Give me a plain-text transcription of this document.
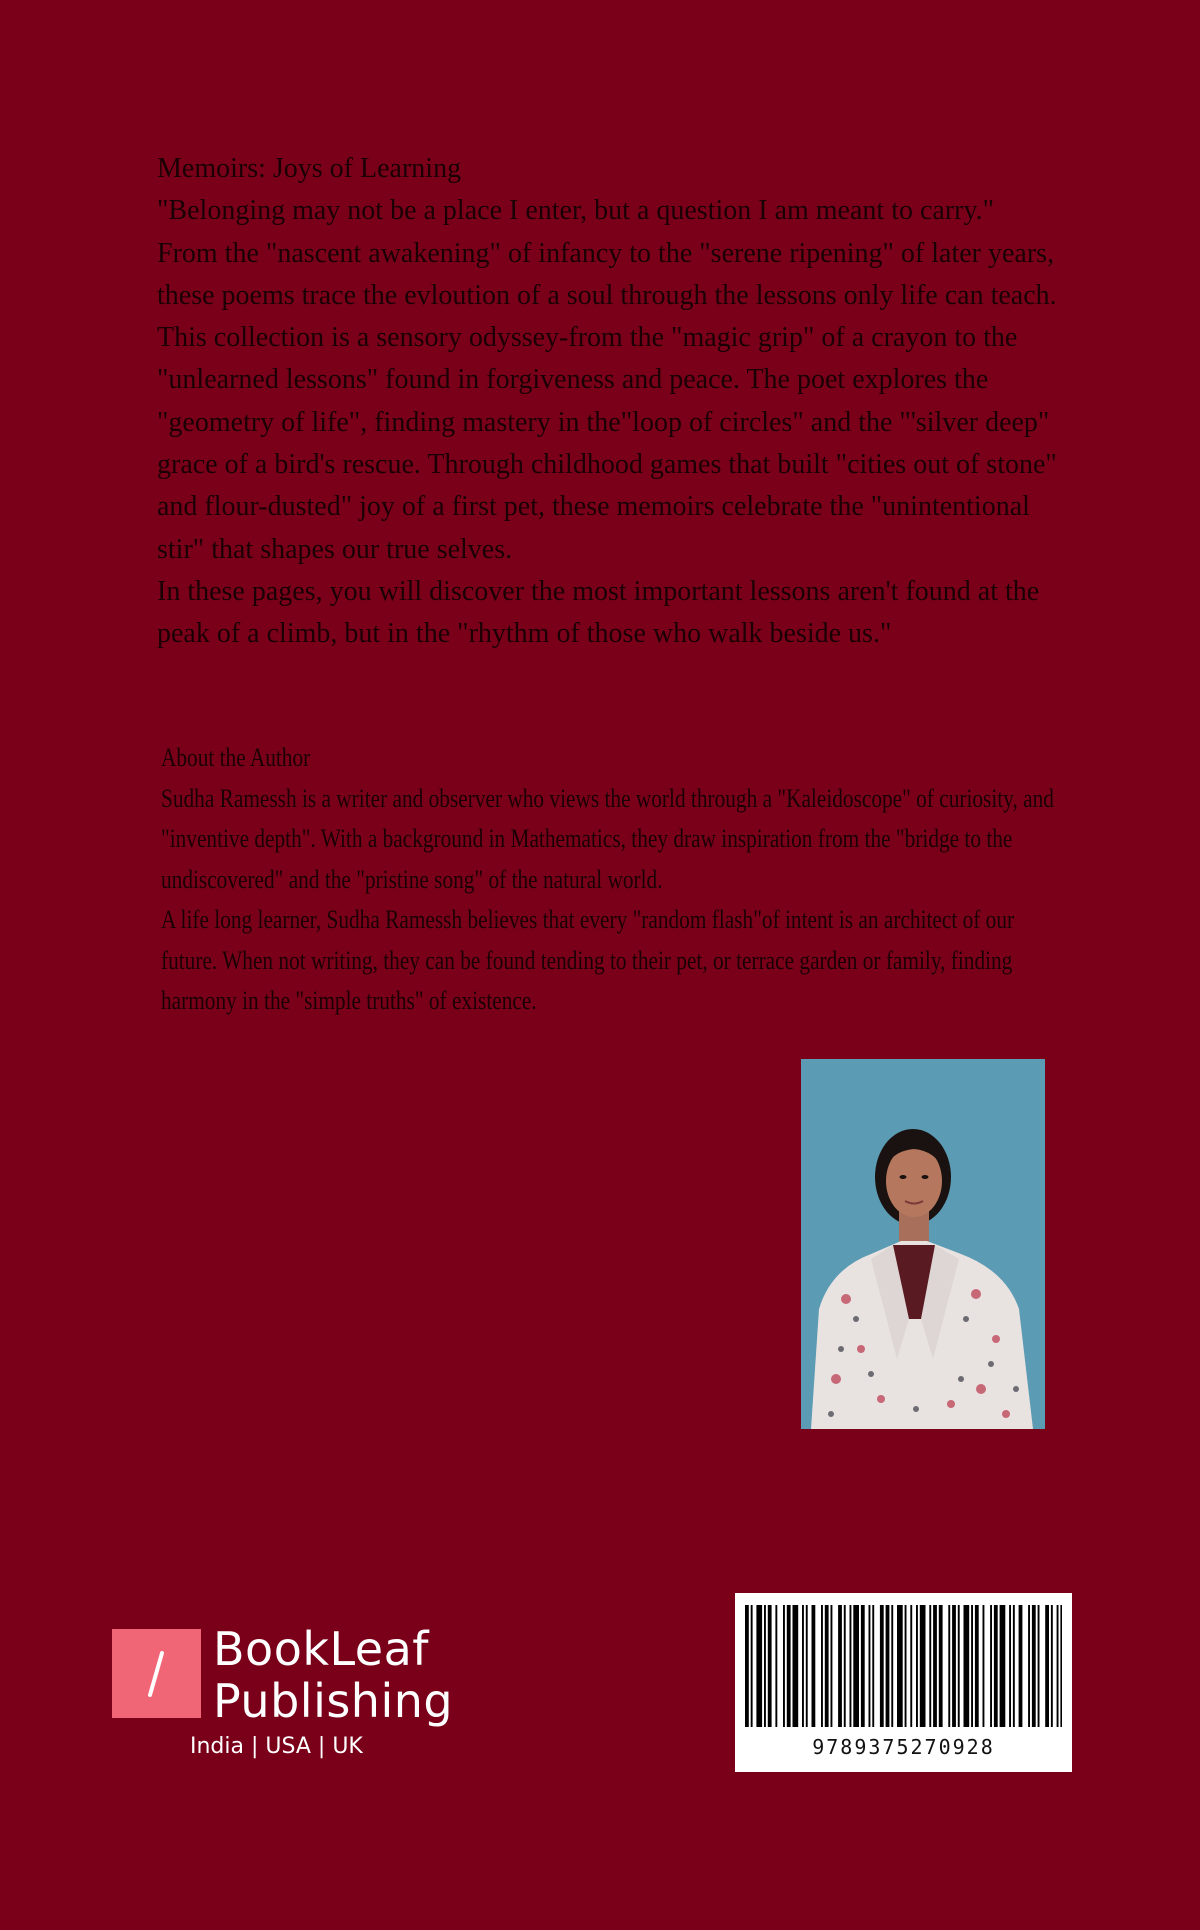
Memoirs: Joys of Learning

"Belonging may not be a place I enter, but a question I am meant to carry."

From the "nascent awakening" of infancy to the "serene ripening" of later years, these poems trace the evloution of a soul through the lessons only life can teach. This collection is a sensory odyssey-from the "magic grip" of a crayon to the "unlearned lessons" found in forgiveness and peace. The poet explores the "geometry of life", finding mastery in the"loop of circles" and the "'silver deep" grace of a bird's rescue. Through childhood games that built "cities out of stone" and flour-dusted" joy of a first pet, these memoirs celebrate the "unintentional stir" that shapes our true selves.

In these pages, you will discover the most important lessons aren't found at the peak of a climb, but in the "rhythm of those who walk beside us."

About the Author

Sudha Ramessh is a writer and observer who views the world through a "Kaleidoscope" of curiosity, and "inventive depth". With a background in Mathematics, they draw inspiration from the "bridge to the undiscovered" and the "pristine song" of the natural world.

A life long learner, Sudha Ramessh believes that every "random flash"of intent is an architect of our future. When not writing, they can be found tending to their pet, or terrace garden or family, finding harmony in the "simple truths" of existence.

BookLeaf
Publishing
India | USA | UK	9789375270928
